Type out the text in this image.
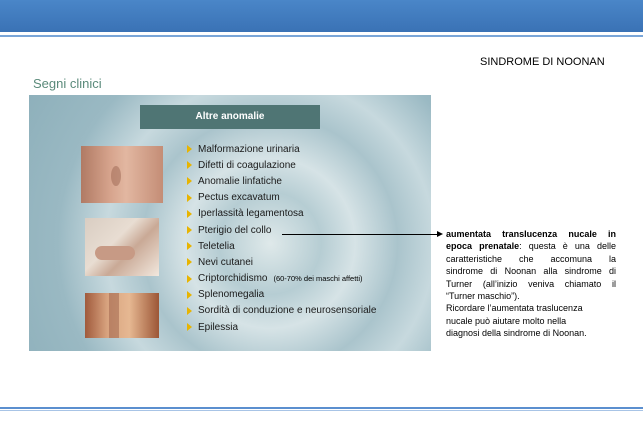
SINDROME DI NOONAN
Segni clinici
Altre anomalie
Malformazione urinaria
Difetti di coagulazione
Anomalie linfatiche
Pectus excavatum
Iperlassità legamentosa
Pterigio del collo
Teletelia
Nevi cutanei
Criptorchidismo (60-70% dei maschi affetti)
Splenomegalia
Sordità di conduzione e neurosensoriale
Epilessia
aumentata translucenza nucale in
epoca prenatale: questa è una delle
caratteristiche che accomuna la
sindrome di Noonan alla sindrome di
Turner (all’inizio veniva chiamato il
“Turner maschio”).
Ricordare l’aumentata traslucenza
nucale può aiutare molto nella
diagnosi della sindrome di Noonan.
